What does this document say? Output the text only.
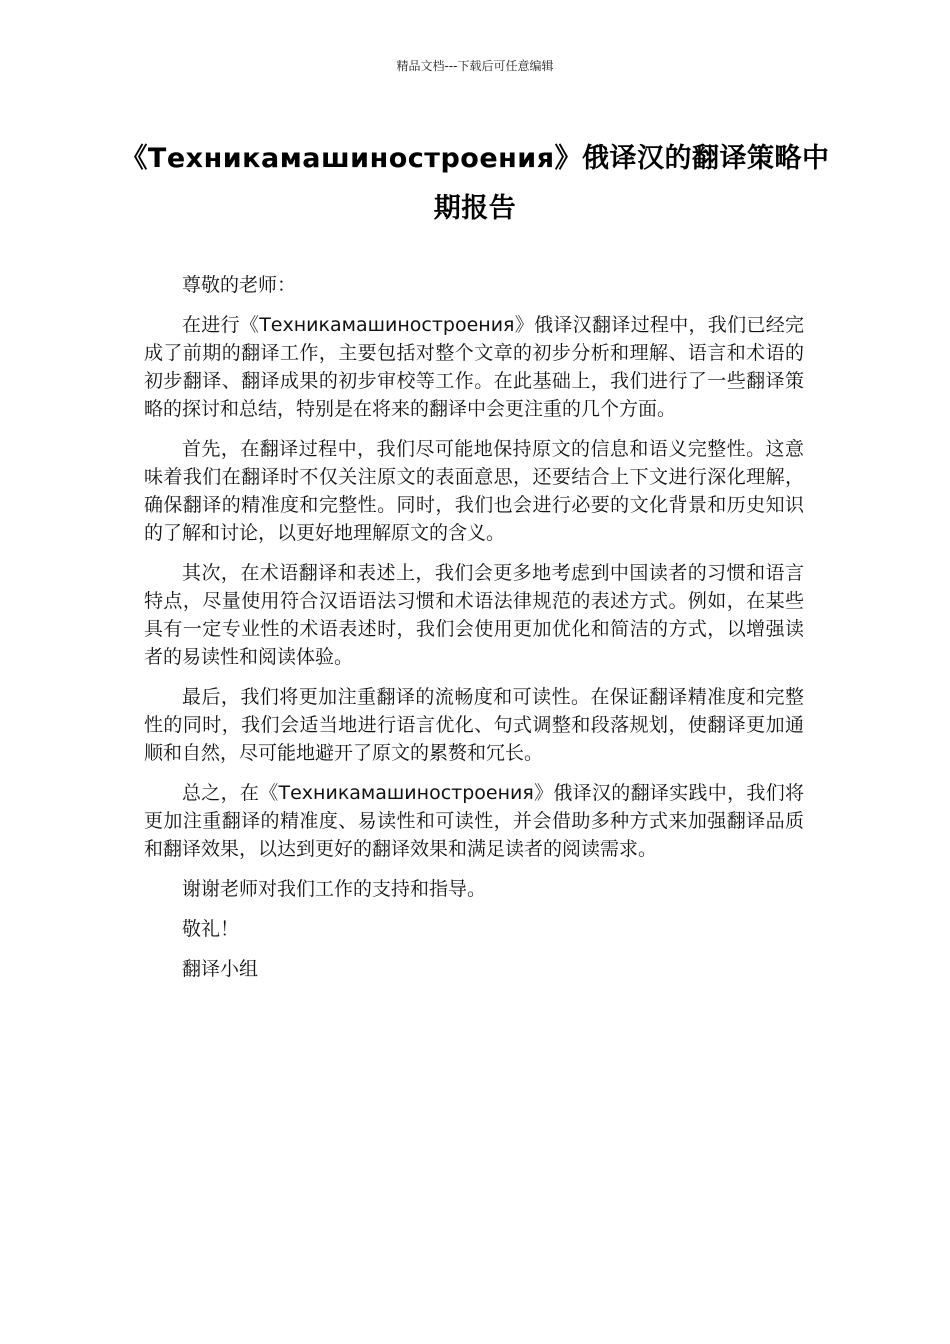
精品文档---下载后可任意编辑
《Техникамашиностроения》俄译汉的翻译策略中期报告

尊敬的老师：

在进行《Техникамашиностроения》俄译汉翻译过程中，我们已经完成了前期的翻译工作，主要包括对整个文章的初步分析和理解、语言和术语的初步翻译、翻译成果的初步审校等工作。在此基础上，我们进行了一些翻译策略的探讨和总结，特别是在将来的翻译中会更注重的几个方面。

首先，在翻译过程中，我们尽可能地保持原文的信息和语义完整性。这意味着我们在翻译时不仅关注原文的表面意思，还要结合上下文进行深化理解，确保翻译的精准度和完整性。同时，我们也会进行必要的文化背景和历史知识的了解和讨论，以更好地理解原文的含义。

其次，在术语翻译和表述上，我们会更多地考虑到中国读者的习惯和语言特点，尽量使用符合汉语语法习惯和术语法律规范的表述方式。例如，在某些具有一定专业性的术语表述时，我们会使用更加优化和简洁的方式，以增强读者的易读性和阅读体验。

最后，我们将更加注重翻译的流畅度和可读性。在保证翻译精准度和完整性的同时，我们会适当地进行语言优化、句式调整和段落规划，使翻译更加通顺和自然，尽可能地避开了原文的累赘和冗长。

总之，在《Техникамашиностроения》俄译汉的翻译实践中，我们将更加注重翻译的精准度、易读性和可读性，并会借助多种方式来加强翻译品质和翻译效果，以达到更好的翻译效果和满足读者的阅读需求。

谢谢老师对我们工作的支持和指导。

敬礼！

翻译小组
